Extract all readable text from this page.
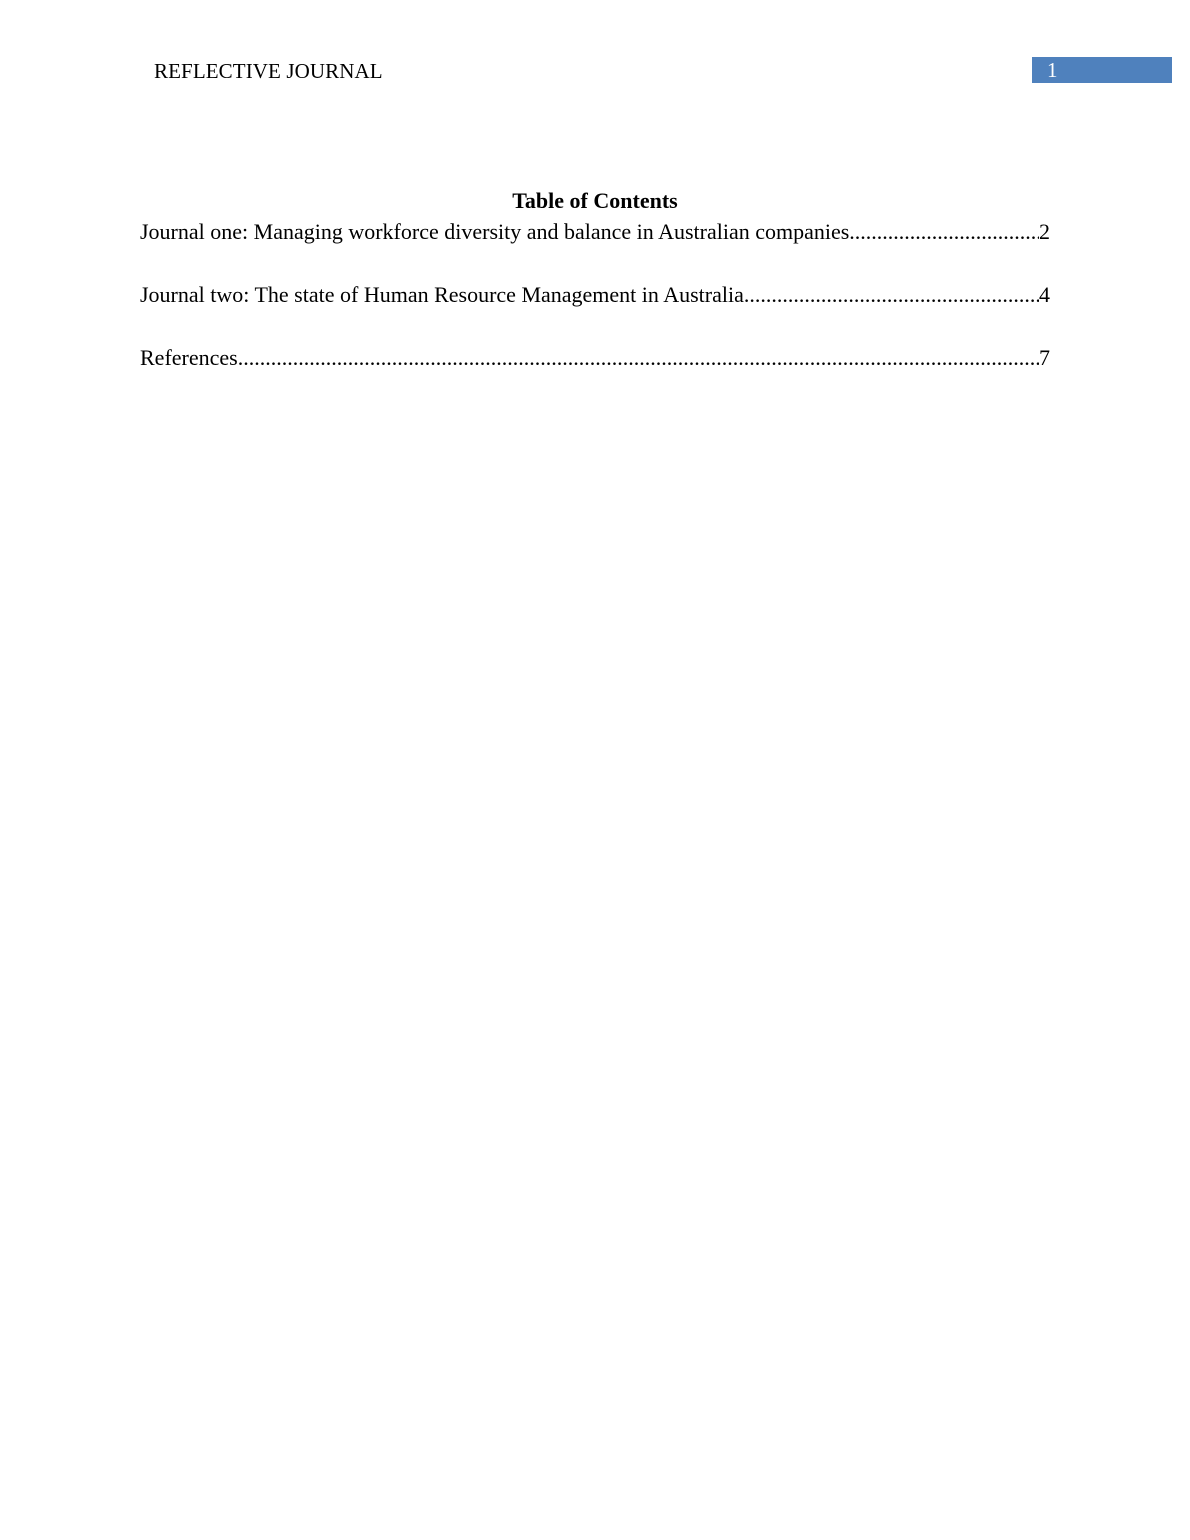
REFLECTIVE JOURNAL	1
Table of Contents
Journal one: Managing workforce diversity and balance in Australian companies .....	2
Journal two: The state of Human Resource Management in Australia .....	4
References .....	7
